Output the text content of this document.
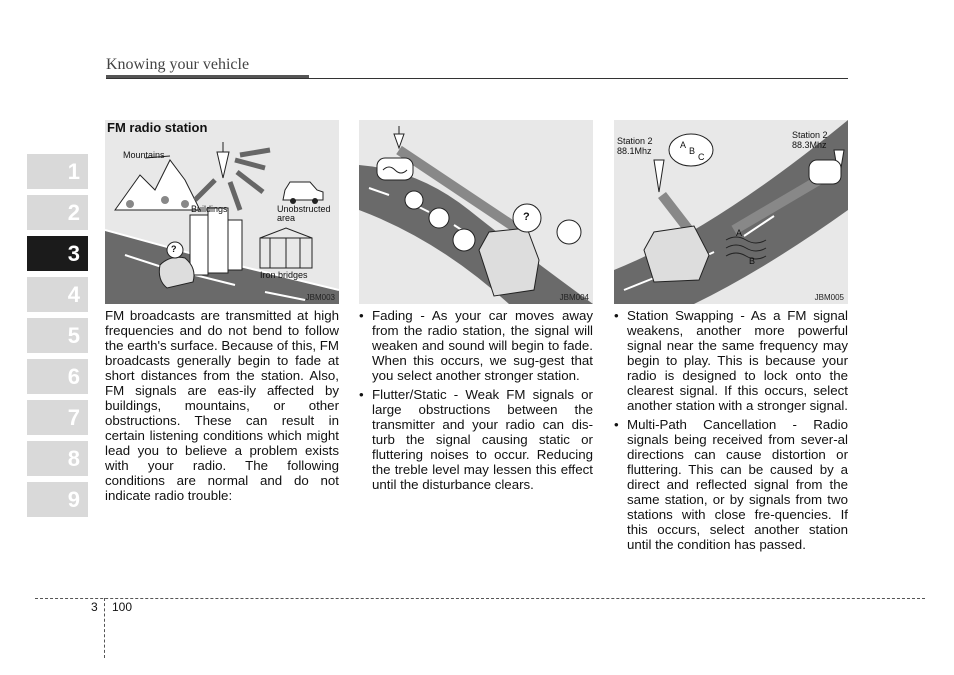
Knowing your vehicle
1
2
3
4
5
6
7
8
9
FM radio station
Mountains
Buildings	Unobstructed
area
Iron bridges
?
JBM003
?
JBM004
Station 2
88.1Mhz
Station 2
88.3Mhz
A
B
C
A
B
JBM005

FM broadcasts are transmitted at high frequencies and do not bend to follow the earth's surface. Because of this, FM broadcasts generally begin to fade at short distances from the station. Also, FM signals are eas-ily affected by buildings, mountains, or other obstructions. These can result in certain listening conditions which might lead you to believe a problem exists with your radio. The following conditions are normal and do not indicate radio trouble:

• Fading - As your car moves away from the radio station, the signal will weaken and sound will begin to fade. When this occurs, we sug-gest that you select another stronger station.
• Flutter/Static - Weak FM signals or large obstructions between the transmitter and your radio can dis-turb the signal causing static or fluttering noises to occur. Reducing the treble level may lessen this effect until the disturbance clears.
• Station Swapping - As a FM signal weakens, another more powerful signal near the same frequency may begin to play. This is because your radio is designed to lock onto the clearest signal. If this occurs, select another station with a stronger signal.
• Multi-Path Cancellation - Radio signals being received from sever-al directions can cause distortion or fluttering. This can be caused by a direct and reflected signal from the same station, or by signals from two stations with close fre-quencies. If this occurs, select another station until the condition has passed.
3 100
